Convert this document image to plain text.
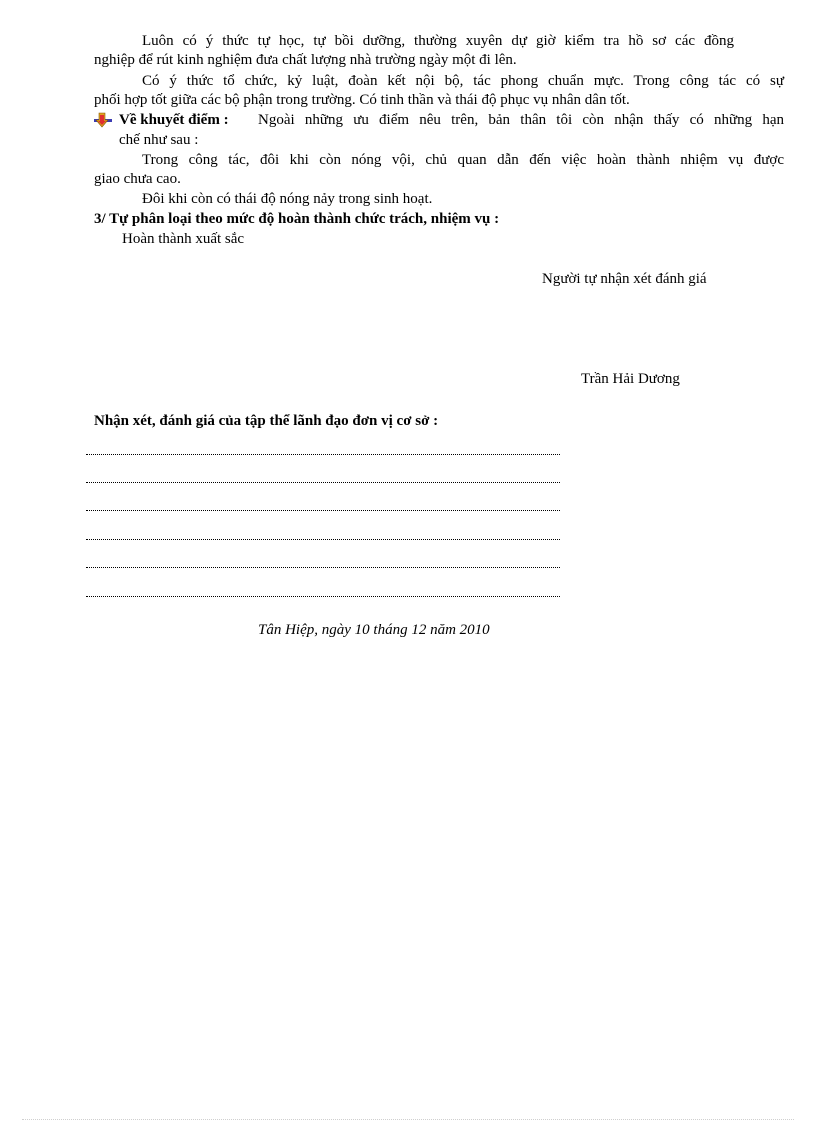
Luôn có ý thức tự học, tự bồi dưỡng, thường xuyên dự giờ kiểm tra hồ sơ các đồng
nghiệp để rút kinh nghiệm đưa chất lượng nhà trường ngày một đi lên.
Có ý thức tổ chức, kỷ luật, đoàn kết nội bộ, tác phong chuẩn mực. Trong công tác có sự
phối hợp tốt giữa các bộ phận trong trường. Có tinh thần và thái độ phục vụ nhân dân tốt.
Về khuyết điểm : Ngoài những ưu điểm nêu trên, bản thân tôi còn nhận thấy có những hạn
chế như sau :
Trong công tác, đôi khi còn nóng vội, chủ quan dẫn đến việc hoàn thành nhiệm vụ được
giao chưa cao.
Đôi khi còn có thái độ nóng nảy trong sinh hoạt.
3/ Tự phân loại theo mức độ hoàn thành chức trách, nhiệm vụ :
Hoàn thành xuất sắc
Người tự nhận xét đánh giá
Trần Hải Dương
Nhận xét, đánh giá của tập thể lãnh đạo đơn vị cơ sở :
Tân Hiệp, ngày 10 tháng 12 năm 2010
